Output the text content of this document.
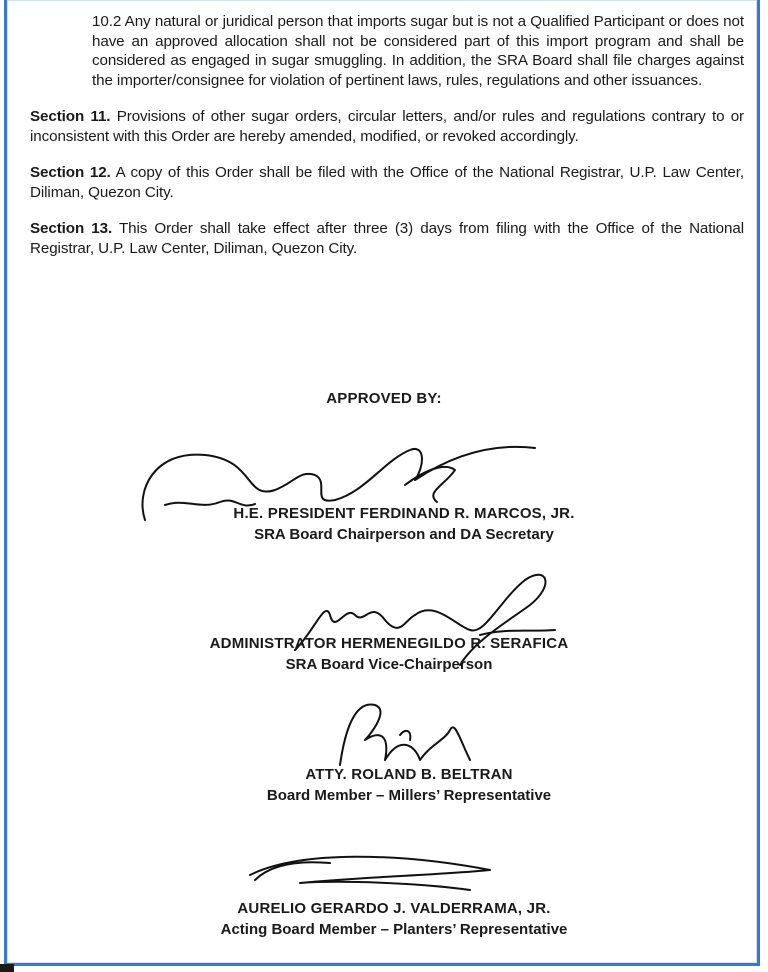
10.2 Any natural or juridical person that imports sugar but is not a Qualified Participant or does not have an approved allocation shall not be considered part of this import program and shall be considered as engaged in sugar smuggling. In addition, the SRA Board shall file charges against the importer/consignee for violation of pertinent laws, rules, regulations and other issuances.

Section 11. Provisions of other sugar orders, circular letters, and/or rules and regulations contrary to or inconsistent with this Order are hereby amended, modified, or revoked accordingly.

Section 12. A copy of this Order shall be filed with the Office of the National Registrar, U.P. Law Center, Diliman, Quezon City.

Section 13. This Order shall take effect after three (3) days from filing with the Office of the National Registrar, U.P. Law Center, Diliman, Quezon City.

APPROVED BY:
H.E. PRESIDENT FERDINAND R. MARCOS, JR.
SRA Board Chairperson and DA Secretary
ADMINISTRATOR HERMENEGILDO R. SERAFICA
SRA Board Vice-Chairperson
ATTY. ROLAND B. BELTRAN
Board Member – Millers’ Representative
AURELIO GERARDO J. VALDERRAMA, JR.
Acting Board Member – Planters’ Representative
